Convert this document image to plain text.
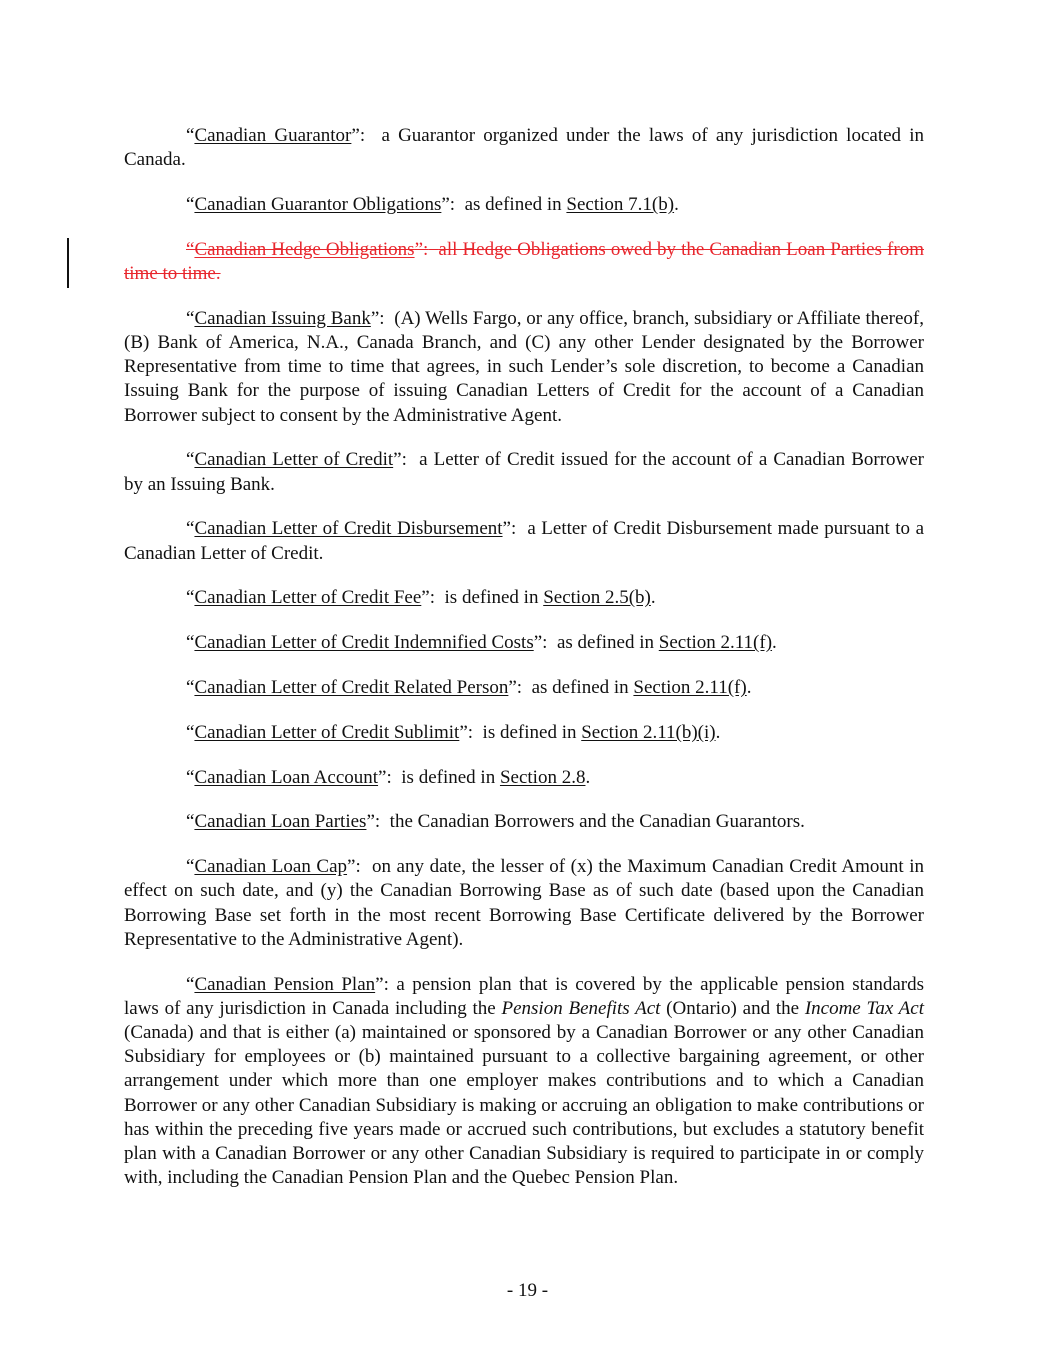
“Canadian Guarantor”: a Guarantor organized under the laws of any jurisdiction located in Canada.

“Canadian Guarantor Obligations”: as defined in Section 7.1(b).

“Canadian Hedge Obligations”: all Hedge Obligations owed by the Canadian Loan Parties from time to time.

“Canadian Issuing Bank”: (A) Wells Fargo, or any office, branch, subsidiary or Affiliate thereof, (B) Bank of America, N.A., Canada Branch, and (C) any other Lender designated by the Borrower Representative from time to time that agrees, in such Lender’s sole discretion, to become a Canadian Issuing Bank for the purpose of issuing Canadian Letters of Credit for the account of a Canadian Borrower subject to consent by the Administrative Agent.

“Canadian Letter of Credit”: a Letter of Credit issued for the account of a Canadian Borrower by an Issuing Bank.

“Canadian Letter of Credit Disbursement”: a Letter of Credit Disbursement made pursuant to a Canadian Letter of Credit.

“Canadian Letter of Credit Fee”: is defined in Section 2.5(b).

“Canadian Letter of Credit Indemnified Costs”: as defined in Section 2.11(f).

“Canadian Letter of Credit Related Person”: as defined in Section 2.11(f).

“Canadian Letter of Credit Sublimit”: is defined in Section 2.11(b)(i).

“Canadian Loan Account”: is defined in Section 2.8.

“Canadian Loan Parties”: the Canadian Borrowers and the Canadian Guarantors.

“Canadian Loan Cap”: on any date, the lesser of (x) the Maximum Canadian Credit Amount in effect on such date, and (y) the Canadian Borrowing Base as of such date (based upon the Canadian Borrowing Base set forth in the most recent Borrowing Base Certificate delivered by the Borrower Representative to the Administrative Agent).

“Canadian Pension Plan”: a pension plan that is covered by the applicable pension standards laws of any jurisdiction in Canada including the Pension Benefits Act (Ontario) and the Income Tax Act (Canada) and that is either (a) maintained or sponsored by a Canadian Borrower or any other Canadian Subsidiary for employees or (b) maintained pursuant to a collective bargaining agreement, or other arrangement under which more than one employer makes contributions and to which a Canadian Borrower or any other Canadian Subsidiary is making or accruing an obligation to make contributions or has within the preceding five years made or accrued such contributions, but excludes a statutory benefit plan with a Canadian Borrower or any other Canadian Subsidiary is required to participate in or comply with, including the Canadian Pension Plan and the Quebec Pension Plan.

- 19 -
